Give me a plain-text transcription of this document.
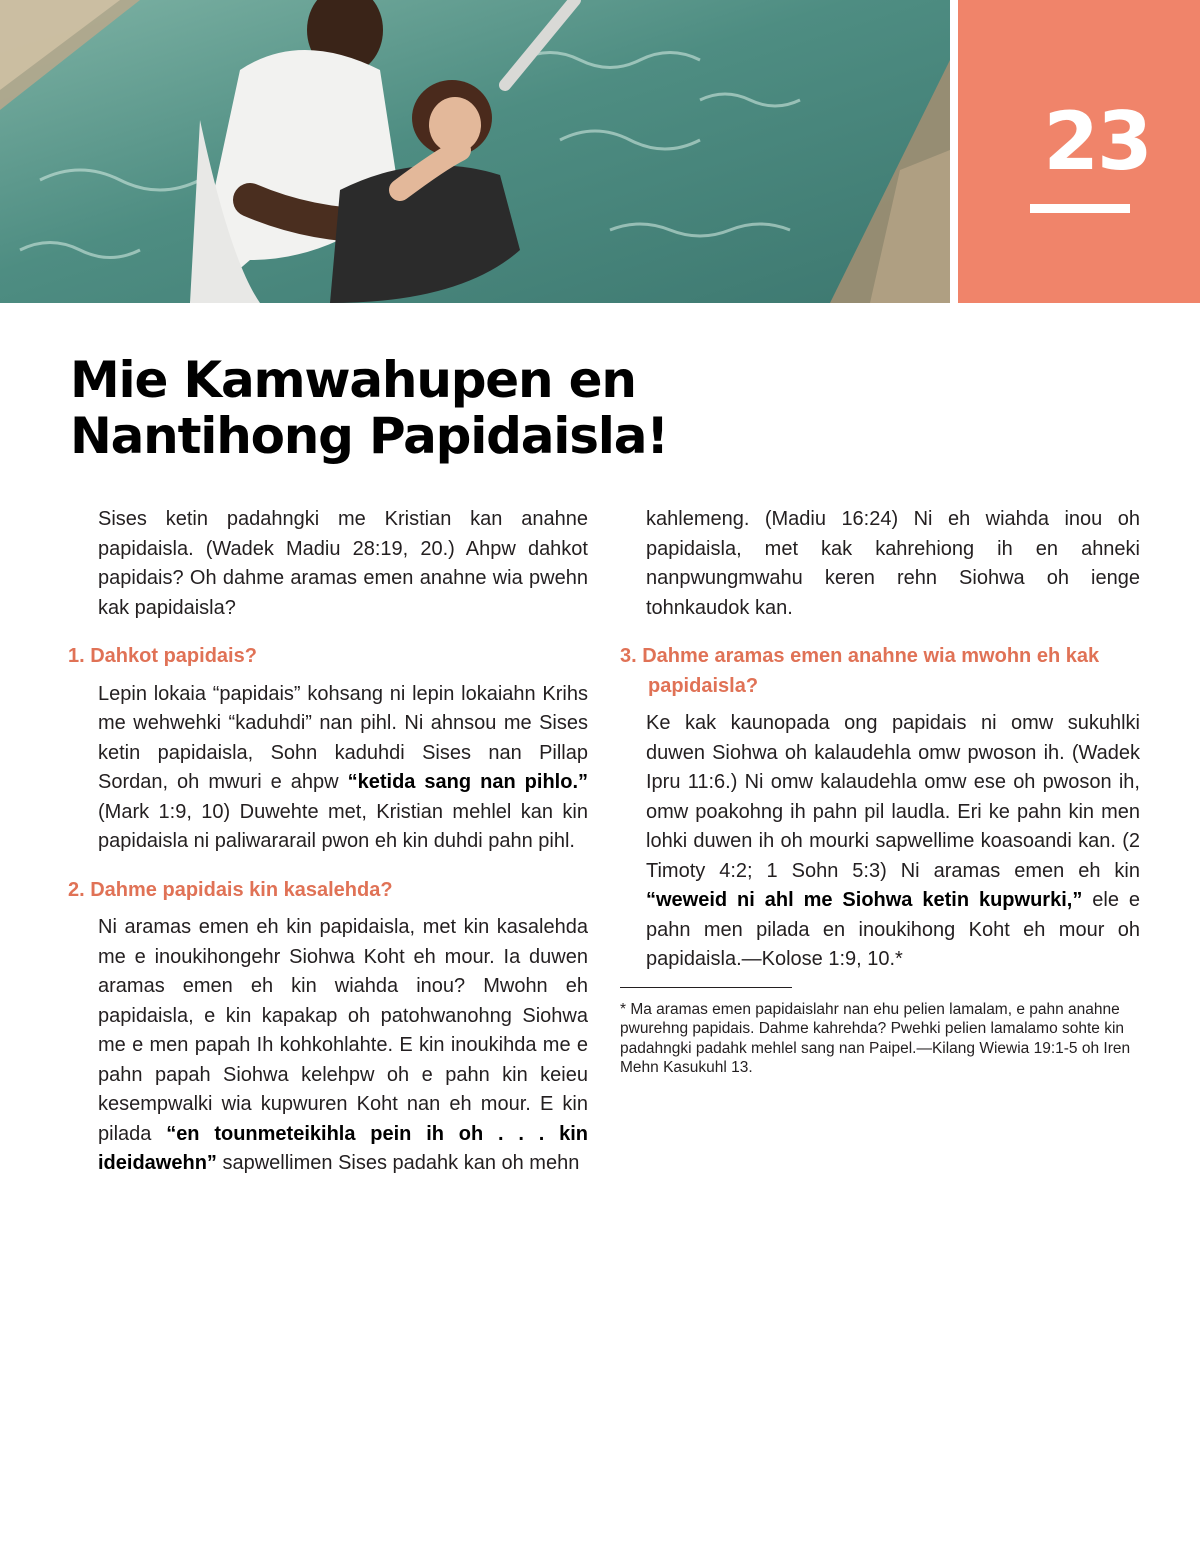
23
Mie Kamwahupen en
Nantihong Papidaisla!

Sises ketin padahngki me Kristian kan anahne papidaisla. (Wadek Madiu 28:19, 20.) Ahpw dahkot papidais? Oh dahme aramas emen anahne wia pwehn kak papidaisla?

1. Dahkot papidais?

Lepin lokaia “papidais” kohsang ni lepin lokaiahn Krihs me wehwehki “kaduhdi” nan pihl. Ni ahnsou me Sises ketin papidaisla, Sohn kaduhdi Sises nan Pillap Sordan, oh mwuri e ahpw “ketida sang nan pihlo.” (Mark 1:9, 10) Duwehte met, Kristian mehlel kan kin papidaisla ni paliwararail pwon eh kin duhdi pahn pihl.

2. Dahme papidais kin kasalehda?

Ni aramas emen eh kin papidaisla, met kin kasalehda me e inoukihongehr Siohwa Koht eh mour. Ia duwen aramas emen eh kin wiahda inou? Mwohn eh papidaisla, e kin kapakap oh patohwanohng Siohwa me e men papah Ih kohkohlahte. E kin inoukihda me e pahn papah Siohwa kelehpw oh e pahn kin keieu kesempwalki wia kupwuren Koht nan eh mour. E kin pilada “en tounmeteikihla pein ih oh . . . kin ideidawehn” sapwellimen Sises padahk kan oh mehn

kahlemeng. (Madiu 16:24) Ni eh wiahda inou oh papidaisla, met kak kahrehiong ih en ahneki nanpwungmwahu keren rehn Siohwa oh ienge tohnkaudok kan.

3. Dahme aramas emen anahne wia mwohn eh kak papidaisla?

Ke kak kaunopada ong papidais ni omw sukuhlki duwen Siohwa oh kalaudehla omw pwoson ih. (Wadek Ipru 11:6.) Ni omw kalaudehla omw ese oh pwoson ih, omw poakohng ih pahn pil laudla. Eri ke pahn kin men lohki duwen ih oh mourki sapwellime koasoandi kan. (2 Timoty 4:2; 1 Sohn 5:3) Ni aramas emen eh kin “weweid ni ahl me Siohwa ketin kupwurki,” ele e pahn men pilada en inoukihong Koht eh mour oh papidaisla.—Kolose 1:9, 10.*

* Ma aramas emen papidaislahr nan ehu pelien lamalam, e pahn anahne pwurehng papidais. Dahme kahrehda? Pwehki pelien lamalamo sohte kin padahngki padahk mehlel sang nan Paipel.—Kilang Wiewia 19:1-5 oh Iren Mehn Kasukuhl 13.
